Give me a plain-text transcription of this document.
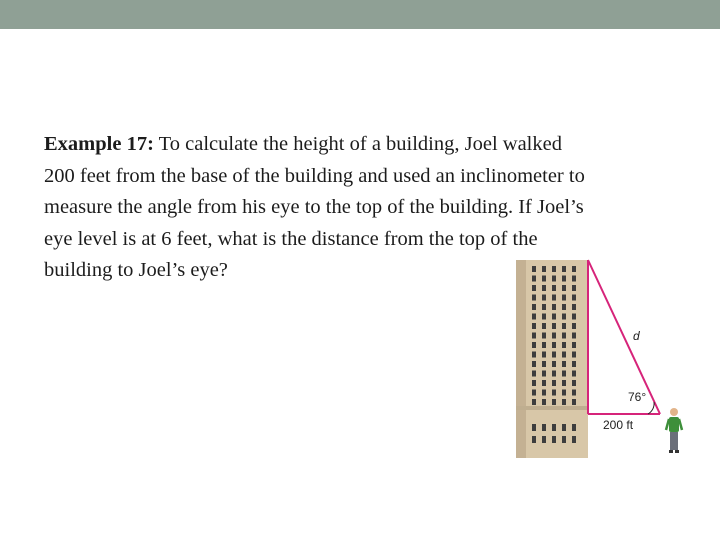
Example 17: To calculate the height of a building, Joel walked
200 feet from the base of the building and used an inclinometer to
measure the angle from his eye to the top of the building. If Joel’s
eye level is at 6 feet, what is the distance from the top of the
building to Joel’s eye?

d
76°
200 ft
